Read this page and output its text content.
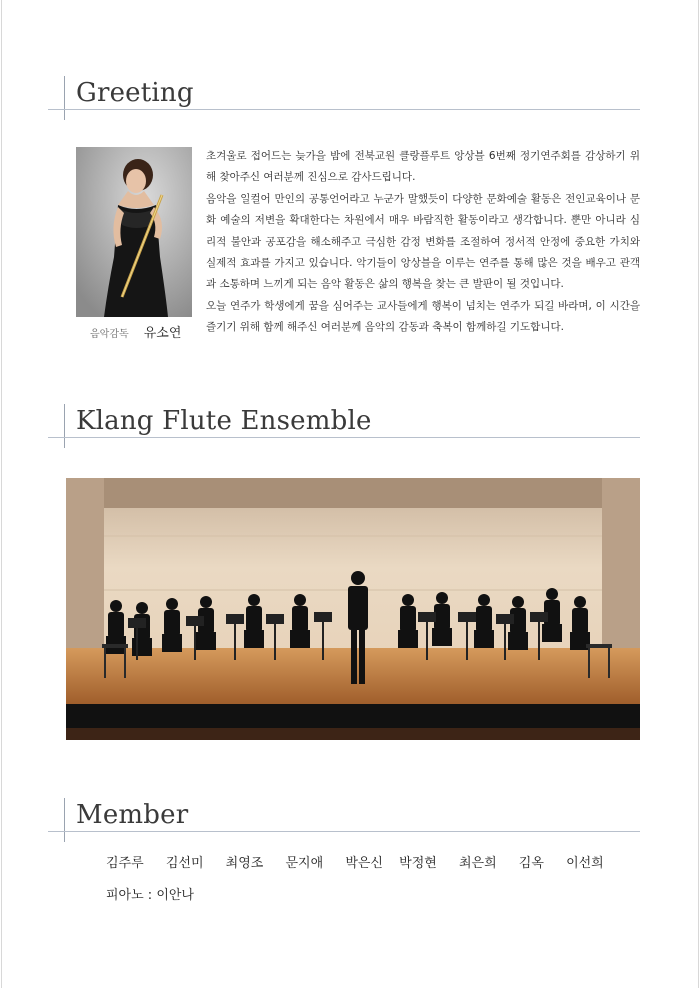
Greeting
음악감독 유소연

초겨울로 접어드는 늦가을 밤에 전북교원 클랑플루트 앙상블 6번째 정기연주회를 감상하기 위해 찾아주신 여러분께 진심으로 감사드립니다.

음악을 일컬어 만인의 공통언어라고 누군가 말했듯이 다양한 문화예술 활동은 전인교육이나 문화 예술의 저변을 확대한다는 차원에서 매우 바람직한 활동이라고 생각합니다. 뿐만 아니라 심리적 불안과 공포감을 해소해주고 극심한 감정 변화를 조절하여 정서적 안정에 중요한 가치와 실제적 효과를 가지고 있습니다. 악기들이 앙상블을 이루는 연주를 통해 많은 것을 배우고 관객과 소통하며 느끼게 되는 음악 활동은 삶의 행복을 찾는 큰 발판이 될 것입니다.

오늘 연주가 학생에게 꿈을 심어주는 교사들에게 행복이 넘치는 연주가 되길 바라며, 이 시간을 즐기기 위해 함께 해주신 여러분께 음악의 감동과 축복이 함께하길 기도합니다.

Klang Flute Ensemble
Member
김주루 김선미 최영조 문지애 박은신 박정현 최은희 김옥 이선희
피아노 : 이안나
